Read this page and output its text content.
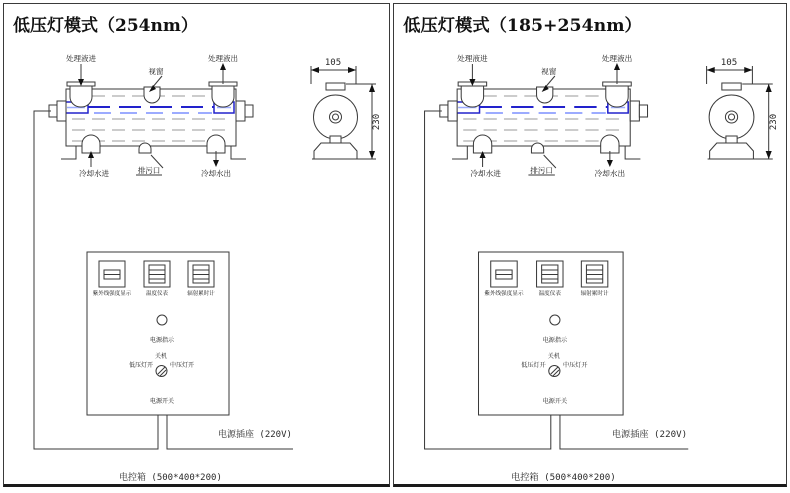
低压灯模式（254nm）
处理液进
视窗
处理液出
冷却水进	排污口	冷却水出
105
230
紫外线强度显示	温度仪表	辐射累时计
电源指示
关机
低压灯开	中压灯开
电源开关
电源插座 (220V)
电控箱 (500*400*200)
低压灯模式（185+254nm）
处理液进
视窗
处理液出
冷却水进	排污口	冷却水出
105
230
紫外线强度显示	温度仪表	辐射累时计
电源指示
关机
低压灯开	中压灯开
电源开关
电源插座 (220V)
电控箱 (500*400*200)
